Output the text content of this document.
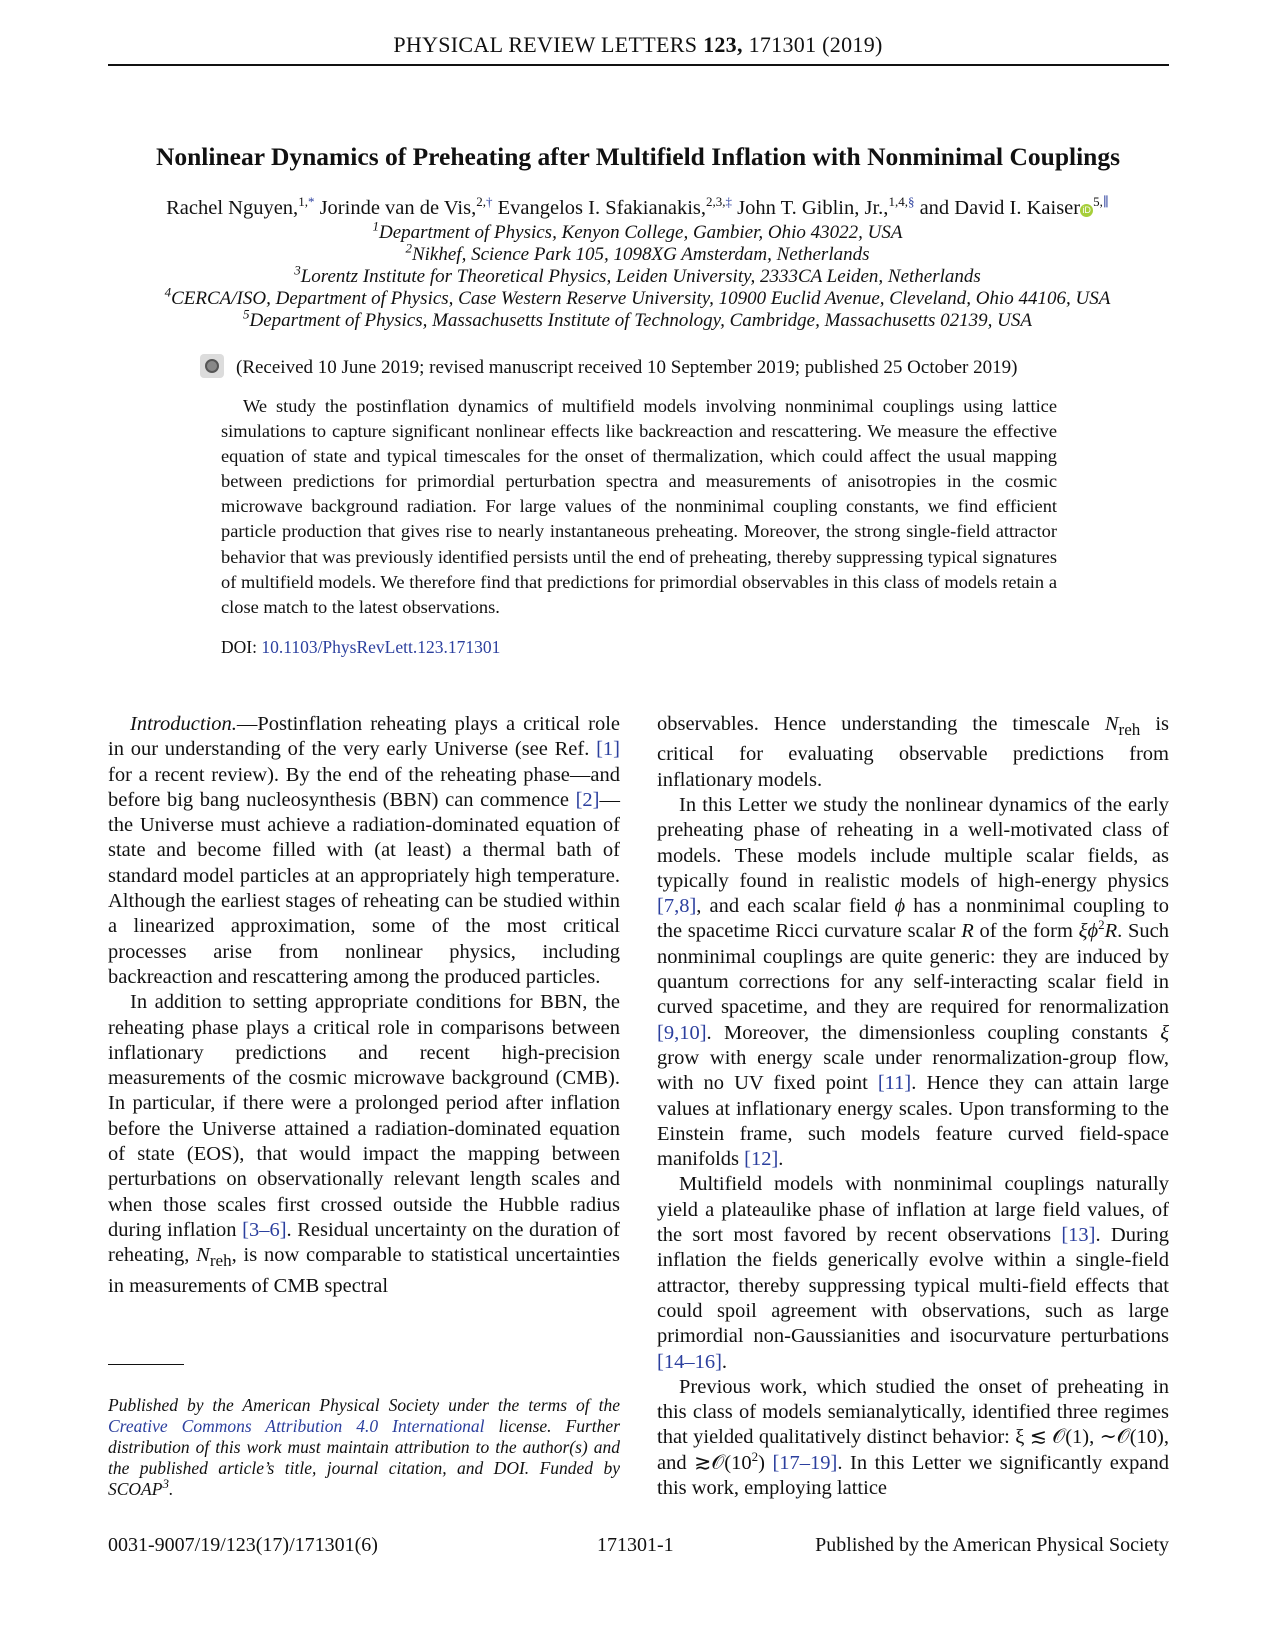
PHYSICAL REVIEW LETTERS 123, 171301 (2019)
Nonlinear Dynamics of Preheating after Multifield Inflation with Nonminimal Couplings
Rachel Nguyen,$^{1,*}$ Jorinde van de Vis,$^{2,\dagger}$ Evangelos I. Sfakianakis,$^{2,3,\ddagger}$ John T. Giblin, Jr.,$^{1,4,\S}$ and David I. Kaiser $iD^{5,\parallel}$
$^1$Department of Physics, Kenyon College, Gambier, Ohio 43022, USA
$^2$Nikhef, Science Park 105, 1098XG Amsterdam, Netherlands
$^3$Lorentz Institute for Theoretical Physics, Leiden University, 2333CA Leiden, Netherlands
$^4$CERCA/ISO, Department of Physics, Case Western Reserve University, 10900 Euclid Avenue, Cleveland, Ohio 44106, USA
$^5$Department of Physics, Massachusetts Institute of Technology, Cambridge, Massachusetts 02139, USA
(Received 10 June 2019; revised manuscript received 10 September 2019; published 25 October 2019)

We study the postinflation dynamics of multifield models involving nonminimal couplings using lattice simulations to capture significant nonlinear effects like backreaction and rescattering. We measure the effective equation of state and typical timescales for the onset of thermalization, which could affect the usual mapping between predictions for primordial perturbation spectra and measurements of anisotropies in the cosmic microwave background radiation. For large values of the nonminimal coupling constants, we find efficient particle production that gives rise to nearly instantaneous preheating. Moreover, the strong single-field attractor behavior that was previously identified persists until the end of preheating, thereby suppressing typical signatures of multifield models. We therefore find that predictions for primordial observables in this class of models retain a close match to the latest observations.

DOI: 10.1103/PhysRevLett.123.171301

Introduction.—Postinflation reheating plays a critical role in our understanding of the very early Universe (see Ref. [1] for a recent review). By the end of the reheating phase—and before big bang nucleosynthesis (BBN) can commence [2]—the Universe must achieve a radiation-dominated equation of state and become filled with (at least) a thermal bath of standard model particles at an appropriately high temperature. Although the earliest stages of reheating can be studied within a linearized approximation, some of the most critical processes arise from nonlinear physics, including backreaction and rescattering among the produced particles.

In addition to setting appropriate conditions for BBN, the reheating phase plays a critical role in comparisons between inflationary predictions and recent high-precision measurements of the cosmic microwave background (CMB). In particular, if there were a prolonged period after inflation before the Universe attained a radiation-dominated equation of state (EOS), that would impact the mapping between perturbations on observationally relevant length scales and when those scales first crossed outside the Hubble radius during inflation [3–6]. Residual uncertainty on the duration of reheating, $N_{reh}$, is now comparable to statistical uncertainties in measurements of CMB spectral

observables. Hence understanding the timescale $N_{reh}$ is critical for evaluating observable predictions from inflationary models.

In this Letter we study the nonlinear dynamics of the early preheating phase of reheating in a well-motivated class of models. These models include multiple scalar fields, as typically found in realistic models of high-energy physics [7,8], and each scalar field ϕ has a nonminimal coupling to the spacetime Ricci curvature scalar R of the form $\xi\phi^2R$. Such nonminimal couplings are quite generic: they are induced by quantum corrections for any self-interacting scalar field in curved spacetime, and they are required for renormalization [9,10]. Moreover, the dimensionless coupling constants ξ grow with energy scale under renormalization-group flow, with no UV fixed point [11]. Hence they can attain large values at inflationary energy scales. Upon transforming to the Einstein frame, such models feature curved field-space manifolds [12].

Multifield models with nonminimal couplings naturally yield a plateaulike phase of inflation at large field values, of the sort most favored by recent observations [13]. During inflation the fields generically evolve within a single-field attractor, thereby suppressing typical multi-field effects that could spoil agreement with observations, such as large primordial non-Gaussianities and isocurvature perturbations [14–16].

Previous work, which studied the onset of preheating in this class of models semianalytically, identified three regimes that yielded qualitatively distinct behavior: ξ ≲ 𝒪(1), ∼𝒪(10), and $≳𝒪(10^2)$ [17–19]. In this Letter we significantly expand this work, employing lattice

Published by the American Physical Society under the terms of the Creative Commons Attribution 4.0 International license. Further distribution of this work must maintain attribution to the author(s) and the published article’s title, journal citation, and DOI. Funded by SCOAP$^3$.
0031-9007/19/123(17)/171301(6)	171301-1	Published by the American Physical Society
